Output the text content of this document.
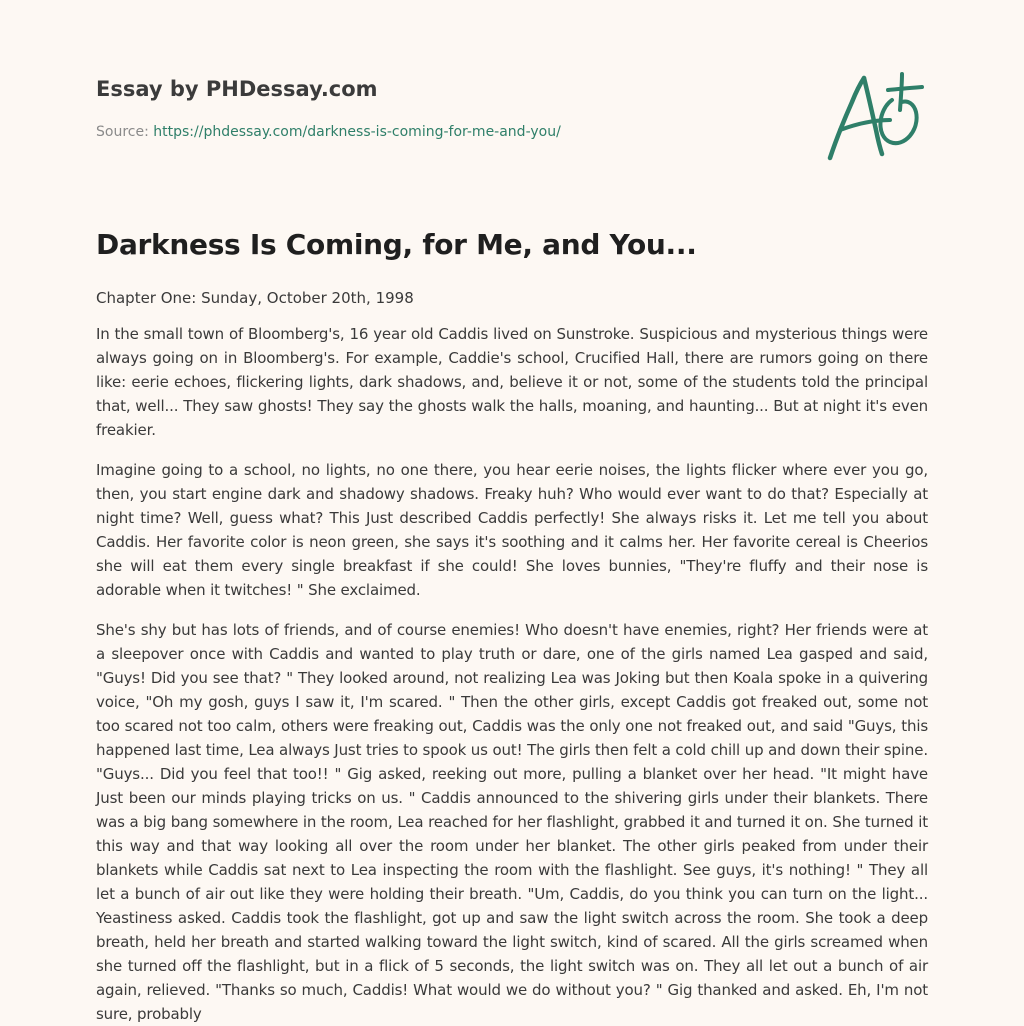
Essay by PHDessay.com
Source: https://phdessay.com/darkness-is-coming-for-me-and-you/
Darkness Is Coming, for Me, and You...

Chapter One: Sunday, October 20th, 1998

In the small town of Bloomberg's, 16 year old Caddis lived on Sunstroke. Suspicious and mysterious things were always going on in Bloomberg's. For example, Caddie's school, Crucified Hall, there are rumors going on there like: eerie echoes, flickering lights, dark shadows, and, believe it or not, some of the students told the principal that, well... They saw ghosts! They say the ghosts walk the halls, moaning, and haunting... But at night it's even freakier.

Imagine going to a school, no lights, no one there, you hear eerie noises, the lights flicker where ever you go, then, you start engine dark and shadowy shadows. Freaky huh? Who would ever want to do that? Especially at night time? Well, guess what? This Just described Caddis perfectly! She always risks it. Let me tell you about Caddis. Her favorite color is neon green, she says it's soothing and it calms her. Her favorite cereal is Cheerios she will eat them every single breakfast if she could! She loves bunnies, "They're fluffy and their nose is adorable when it twitches! " She exclaimed.

She's shy but has lots of friends, and of course enemies! Who doesn't have enemies, right? Her friends were at a sleepover once with Caddis and wanted to play truth or dare, one of the girls named Lea gasped and said, "Guys! Did you see that? " They looked around, not realizing Lea was Joking but then Koala spoke in a quivering voice, "Oh my gosh, guys I saw it, I'm scared. " Then the other girls, except Caddis got freaked out, some not too scared not too calm, others were freaking out, Caddis was the only one not freaked out, and said "Guys, this happened last time, Lea always Just tries to spook us out! The girls then felt a cold chill up and down their spine. "Guys... Did you feel that too!! " Gig asked, reeking out more, pulling a blanket over her head. "It might have Just been our minds playing tricks on us. " Caddis announced to the shivering girls under their blankets. There was a big bang somewhere in the room, Lea reached for her flashlight, grabbed it and turned it on. She turned it this way and that way looking all over the room under her blanket. The other girls peaked from under their blankets while Caddis sat next to Lea inspecting the room with the flashlight. See guys, it's nothing! " They all let a bunch of air out like they were holding their breath. "Um, Caddis, do you think you can turn on the light... Yeastiness asked. Caddis took the flashlight, got up and saw the light switch across the room. She took a deep breath, held her breath and started walking toward the light switch, kind of scared. All the girls screamed when she turned off the flashlight, but in a flick of 5 seconds, the light switch was on. They all let out a bunch of air again, relieved. "Thanks so much, Caddis! What would we do without you? " Gig thanked and asked. Eh, I'm not sure, probably
